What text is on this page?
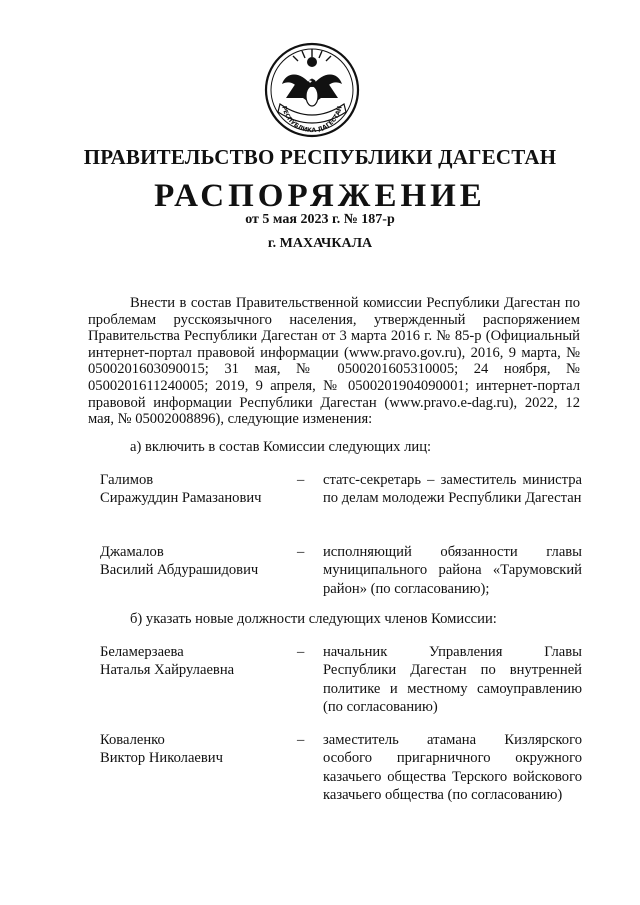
РЕСПУБЛИКА ДАГЕСТАН
ПРАВИТЕЛЬСТВО РЕСПУБЛИКИ ДАГЕСТАН
РАСПОРЯЖЕНИЕ
от 5 мая 2023 г. № 187-р
г. МАХАЧКАЛА

Внести в состав Правительственной комиссии Республики Дагестан по проблемам русскоязычного населения, утвержденный распоряжением Правительства Республики Дагестан от 3 марта 2016 г. № 85-р (Официальный интернет-портал правовой информации (www.pravo.gov.ru), 2016, 9 марта, № 0500201603090015; 31 мая, № 0500201605310005; 24 ноября, № 0500201611240005; 2019, 9 апреля, № 0500201904090001; интернет-портал правовой информации Республики Дагестан (www.pravo.e-dag.ru), 2022, 12 мая, № 05002008896), следующие изменения:

а) включить в состав Комиссии следующих лиц:
Галимов
Сиражуддин Рамазанович
– статс-секретарь – заместитель министра по делам молодежи Республики Дагестан
Джамалов
Василий Абдурашидович
– исполняющий обязанности главы муниципального района «Тарумовский район» (по согласованию);
б) указать новые должности следующих членов Комиссии:
Беламерзаева
Наталья Хайрулаевна
– начальник Управления Главы Республики Дагестан по внутренней политике и местному самоуправлению (по согласованию)
Коваленко
Виктор Николаевич
– заместитель атамана Кизлярского особого пригарничного окружного казачьего общества Терского войскового казачьего общества (по согласованию)
